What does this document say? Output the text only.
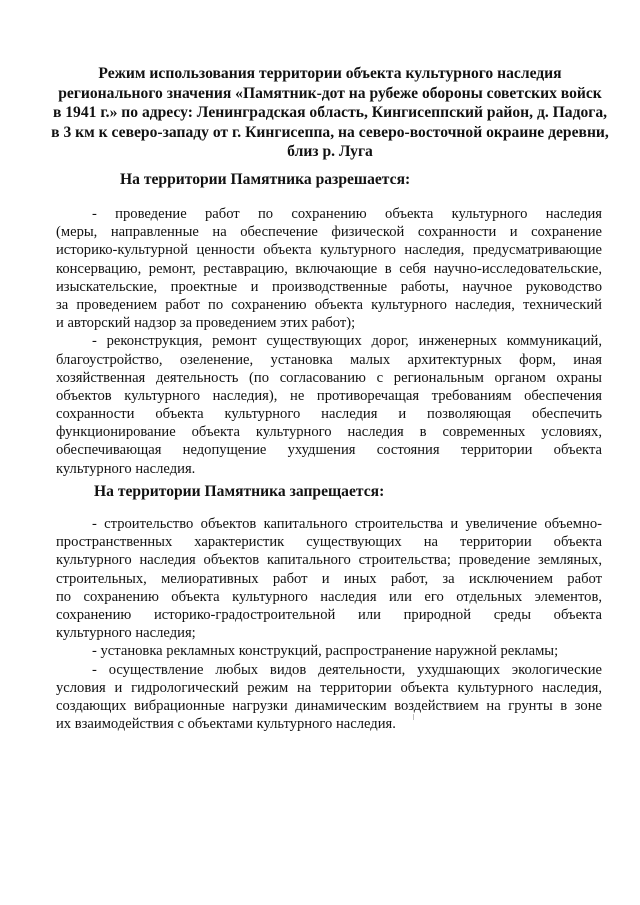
Режим использования территории объекта культурного наследия
регионального значения «Памятник-дот на рубеже обороны советских войск
в 1941 г.» по адресу: Ленинградская область, Кингисеппский район, д. Падога,
в 3 км к северо-западу от г. Кингисеппа, на северо-восточной окраине деревни,
близ р. Луга
На территории Памятника разрешается:
- проведение работ по сохранению объекта культурного наследия
(меры, направленные на обеспечение физической сохранности и сохранение
историко-культурной ценности объекта культурного наследия, предусматривающие
консервацию, ремонт, реставрацию, включающие в себя научно-исследовательские,
изыскательские, проектные и производственные работы, научное руководство
за проведением работ по сохранению объекта культурного наследия, технический
и авторский надзор за проведением этих работ);
- реконструкция, ремонт существующих дорог, инженерных коммуникаций,
благоустройство, озеленение, установка малых архитектурных форм, иная
хозяйственная деятельность (по согласованию с региональным органом охраны
объектов культурного наследия), не противоречащая требованиям обеспечения
сохранности объекта культурного наследия и позволяющая обеспечить
функционирование объекта культурного наследия в современных условиях,
обеспечивающая недопущение ухудшения состояния территории объекта
культурного наследия.
На территории Памятника запрещается:
- строительство объектов капитального строительства и увеличение объемно-
пространственных характеристик существующих на территории объекта
культурного наследия объектов капитального строительства; проведение земляных,
строительных, мелиоративных работ и иных работ, за исключением работ
по сохранению объекта культурного наследия или его отдельных элементов,
сохранению историко-градостроительной или природной среды объекта
культурного наследия;
- установка рекламных конструкций, распространение наружной рекламы;
- осуществление любых видов деятельности, ухудшающих экологические
условия и гидрологический режим на территории объекта культурного наследия,
создающих вибрационные нагрузки динамическим воздействием на грунты в зоне
их взаимодействия с объектами культурного наследия.
